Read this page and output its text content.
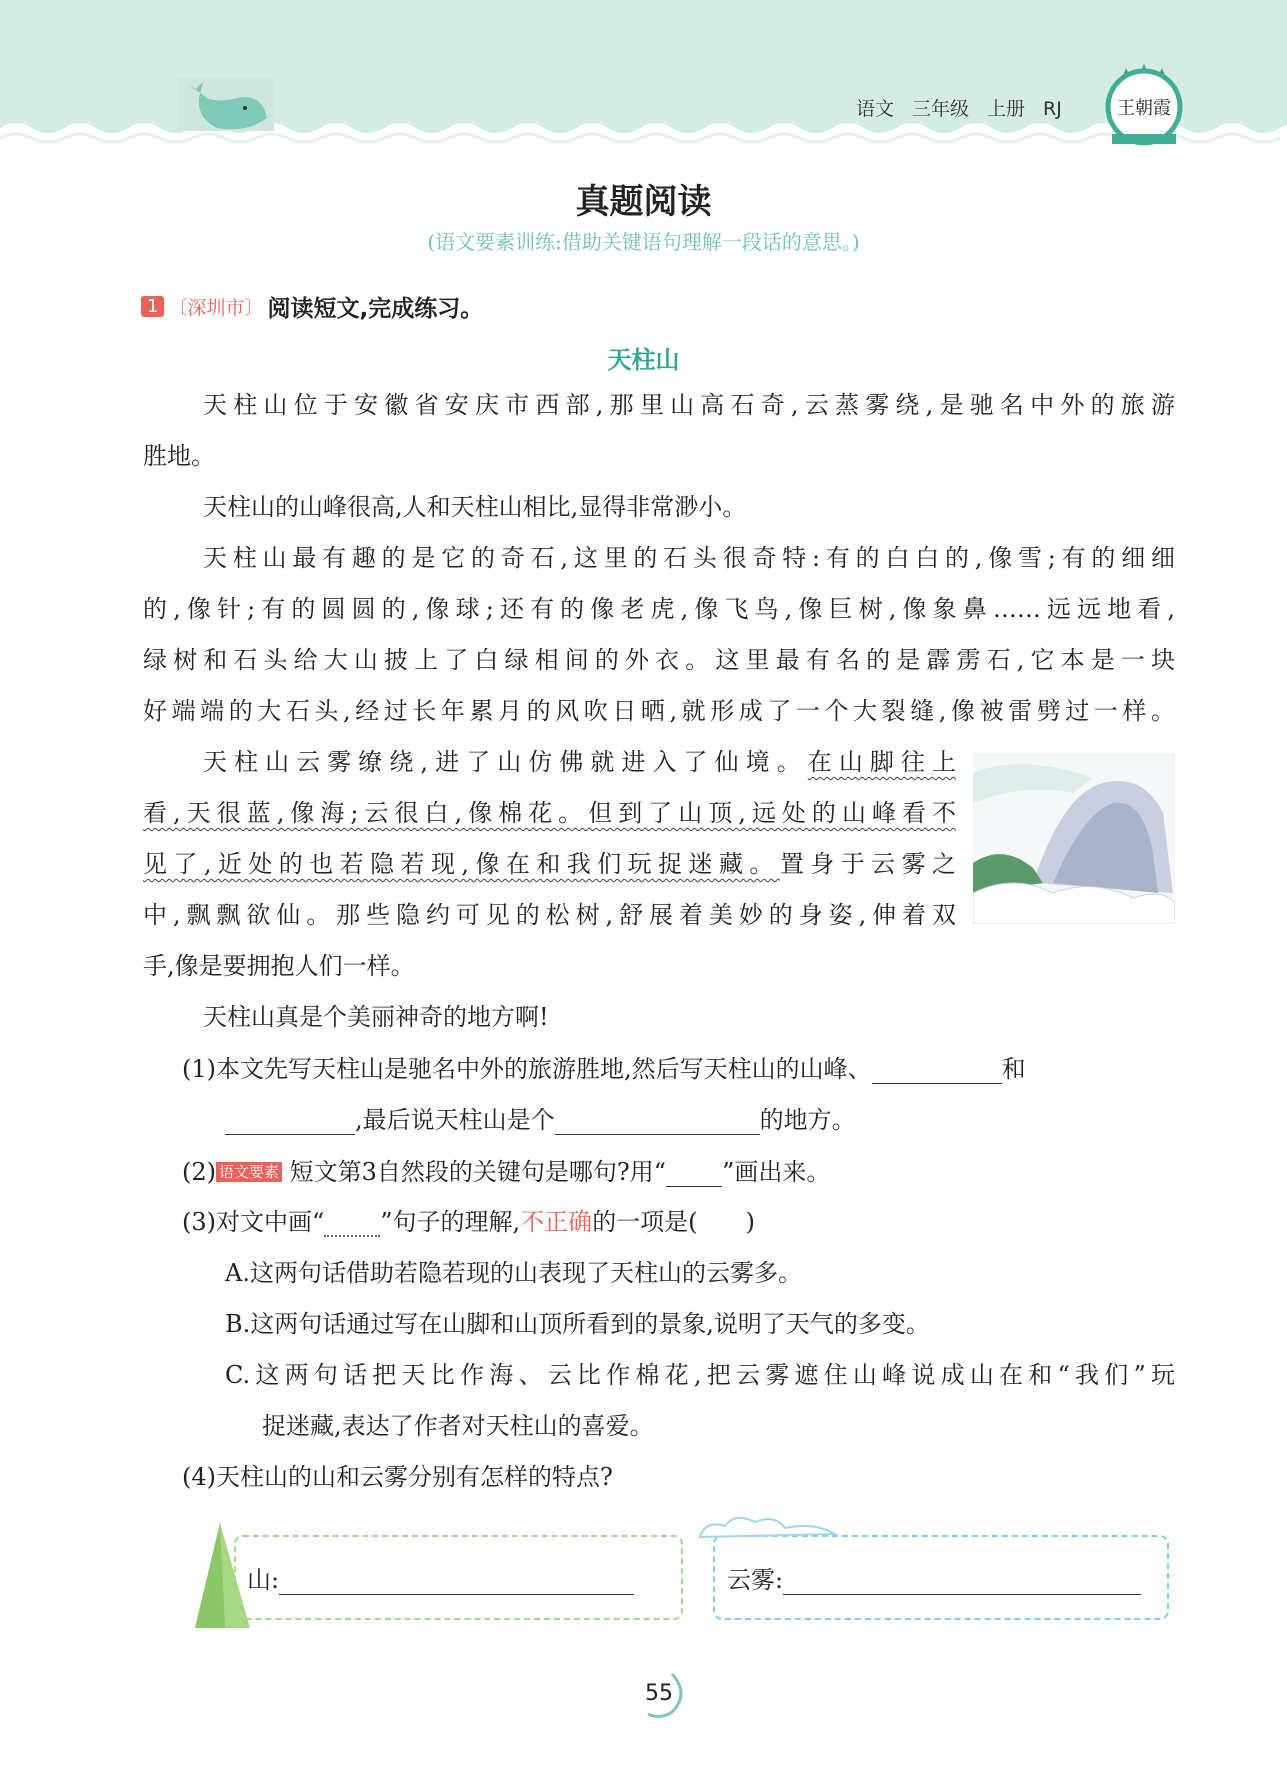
语文 三年级 上册 RJ	王朝霞
真题阅读
(语文要素训练:借助关键语句理解一段话的意思。)
1 〔深圳市〕 阅读短文,完成练习。
天柱山
天柱山位于安徽省安庆市西部,那里山高石奇,云蒸雾绕,是驰名中外的旅游
胜地。
天柱山的山峰很高,人和天柱山相比,显得非常渺小。
天柱山最有趣的是它的奇石,这里的石头很奇特:有的白白的,像雪;有的细细
的,像针;有的圆圆的,像球;还有的像老虎,像飞鸟,像巨树,像象鼻……远远地看,
绿树和石头给大山披上了白绿相间的外衣。这里最有名的是霹雳石,它本是一块
好端端的大石头,经过长年累月的风吹日晒,就形成了一个大裂缝,像被雷劈过一样。
天柱山云雾缭绕,进了山仿佛就进入了仙境。在山脚往上
看,天很蓝,像海;云很白,像棉花。但到了山顶,远处的山峰看不
见了,近处的也若隐若现,像在和我们玩捉迷藏。置身于云雾之
中,飘飘欲仙。那些隐约可见的松树,舒展着美妙的身姿,伸着双
手,像是要拥抱人们一样。
天柱山真是个美丽神奇的地方啊!
(1)本文先写天柱山是驰名中外的旅游胜地,然后写天柱山的山峰、	和
,最后说天柱山是个	的地方。
(2) 语文要素 短文第3自然段的关键句是哪句?用“ ”画出来。
(3)对文中画“ ”句子的理解,不正确的一项是( )
A.这两句话借助若隐若现的山表现了天柱山的云雾多。
B.这两句话通过写在山脚和山顶所看到的景象,说明了天气的多变。
C.这两句话把天比作海、云比作棉花,把云雾遮住山峰说成山在和“我们”玩
捉迷藏,表达了作者对天柱山的喜爱。
(4)天柱山的山和云雾分别有怎样的特点?
山:	云雾:
55
